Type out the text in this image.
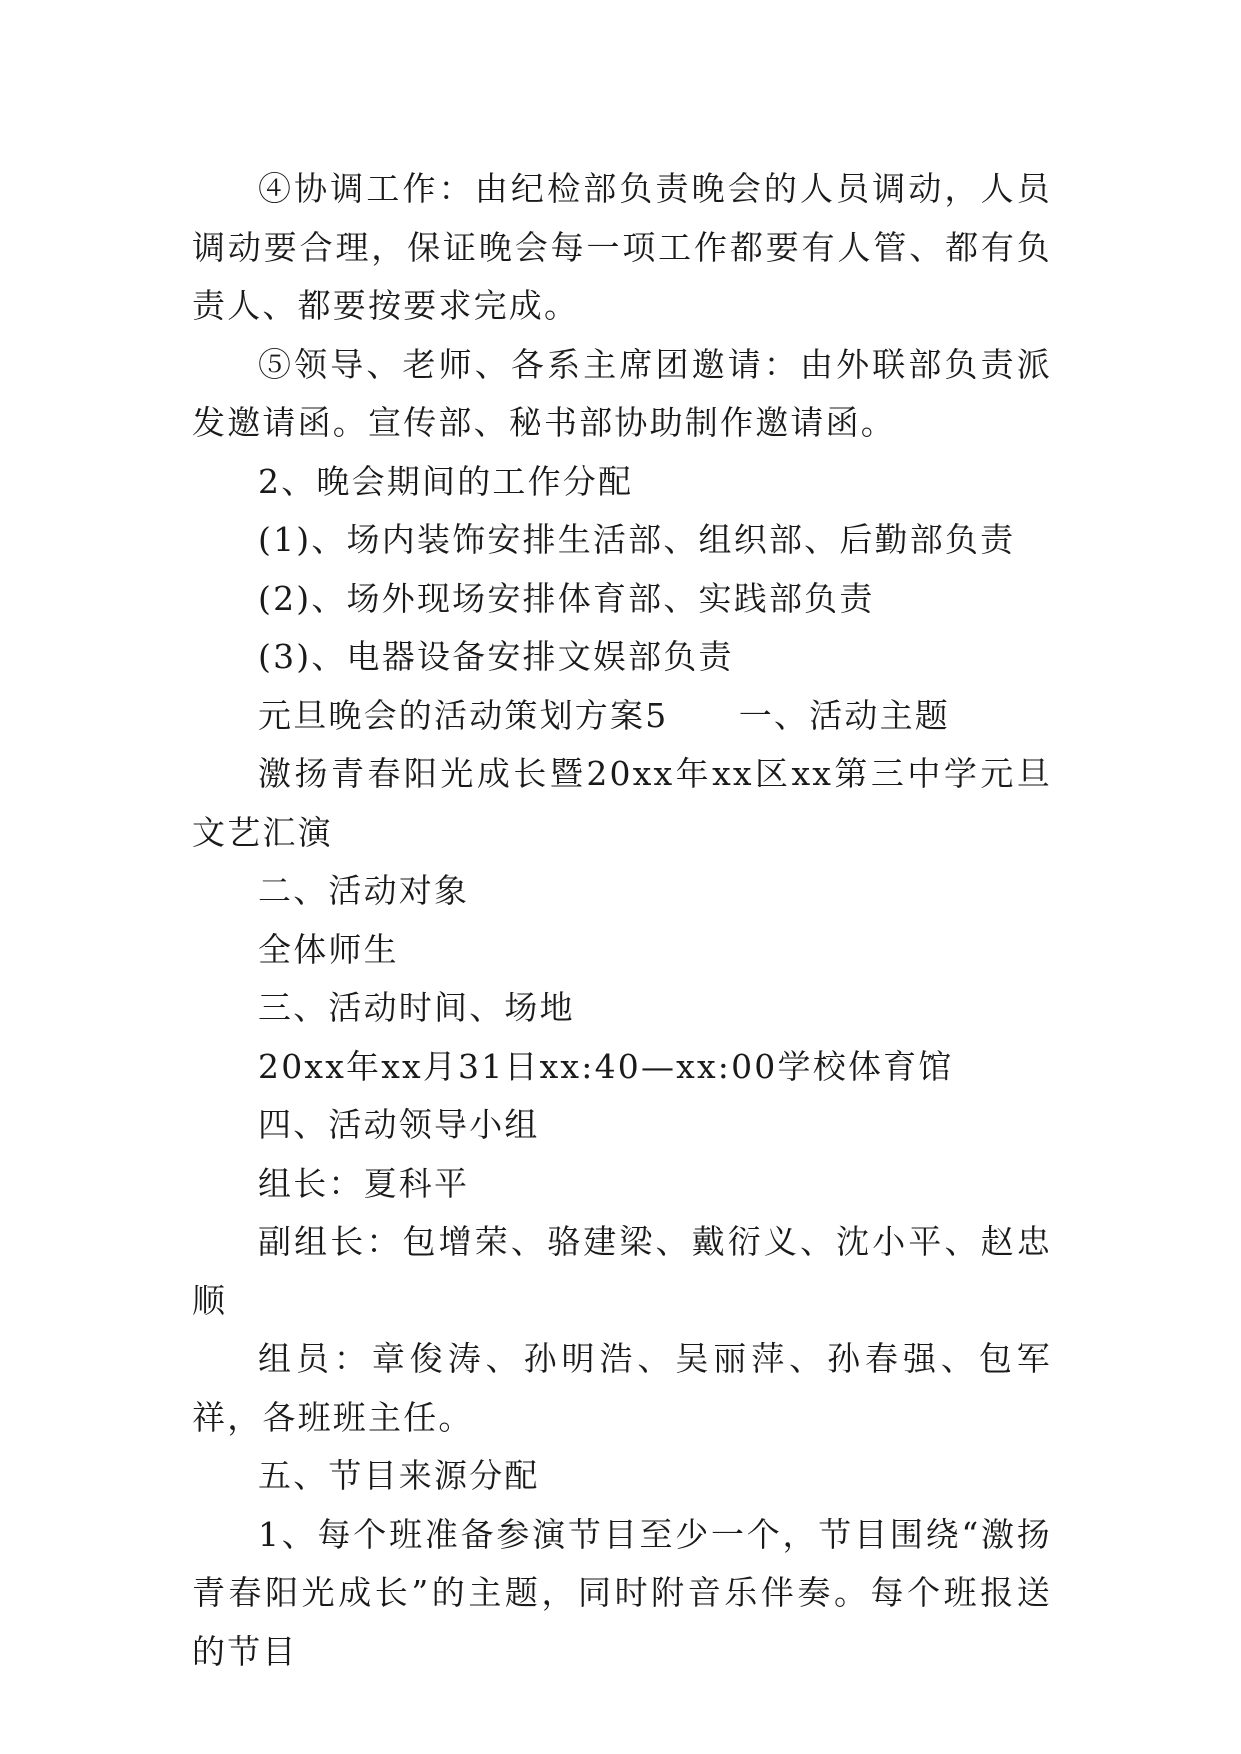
④协调工作：由纪检部负责晚会的人员调动，人员调动要合理，保证晚会每一项工作都要有人管、都有负责人、都要按要求完成。

⑤领导、老师、各系主席团邀请：由外联部负责派发邀请函。宣传部、秘书部协助制作邀请函。

2、晚会期间的工作分配

(1)、场内装饰安排生活部、组织部、后勤部负责

(2)、场外现场安排体育部、实践部负责

(3)、电器设备安排文娱部负责

元旦晚会的活动策划方案5　　一、活动主题

激扬青春阳光成长暨20xx年xx区xx第三中学元旦文艺汇演

二、活动对象

全体师生

三、活动时间、场地

20xx年xx月31日xx:40—xx:00学校体育馆

四、活动领导小组

组长：夏科平

副组长：包增荣、骆建梁、戴衍义、沈小平、赵忠顺

组员：章俊涛、孙明浩、吴丽萍、孙春强、包军祥，各班班主任。

五、节目来源分配

1、每个班准备参演节目至少一个，节目围绕“激扬青春阳光成长”的主题，同时附音乐伴奏。每个班报送的节目
